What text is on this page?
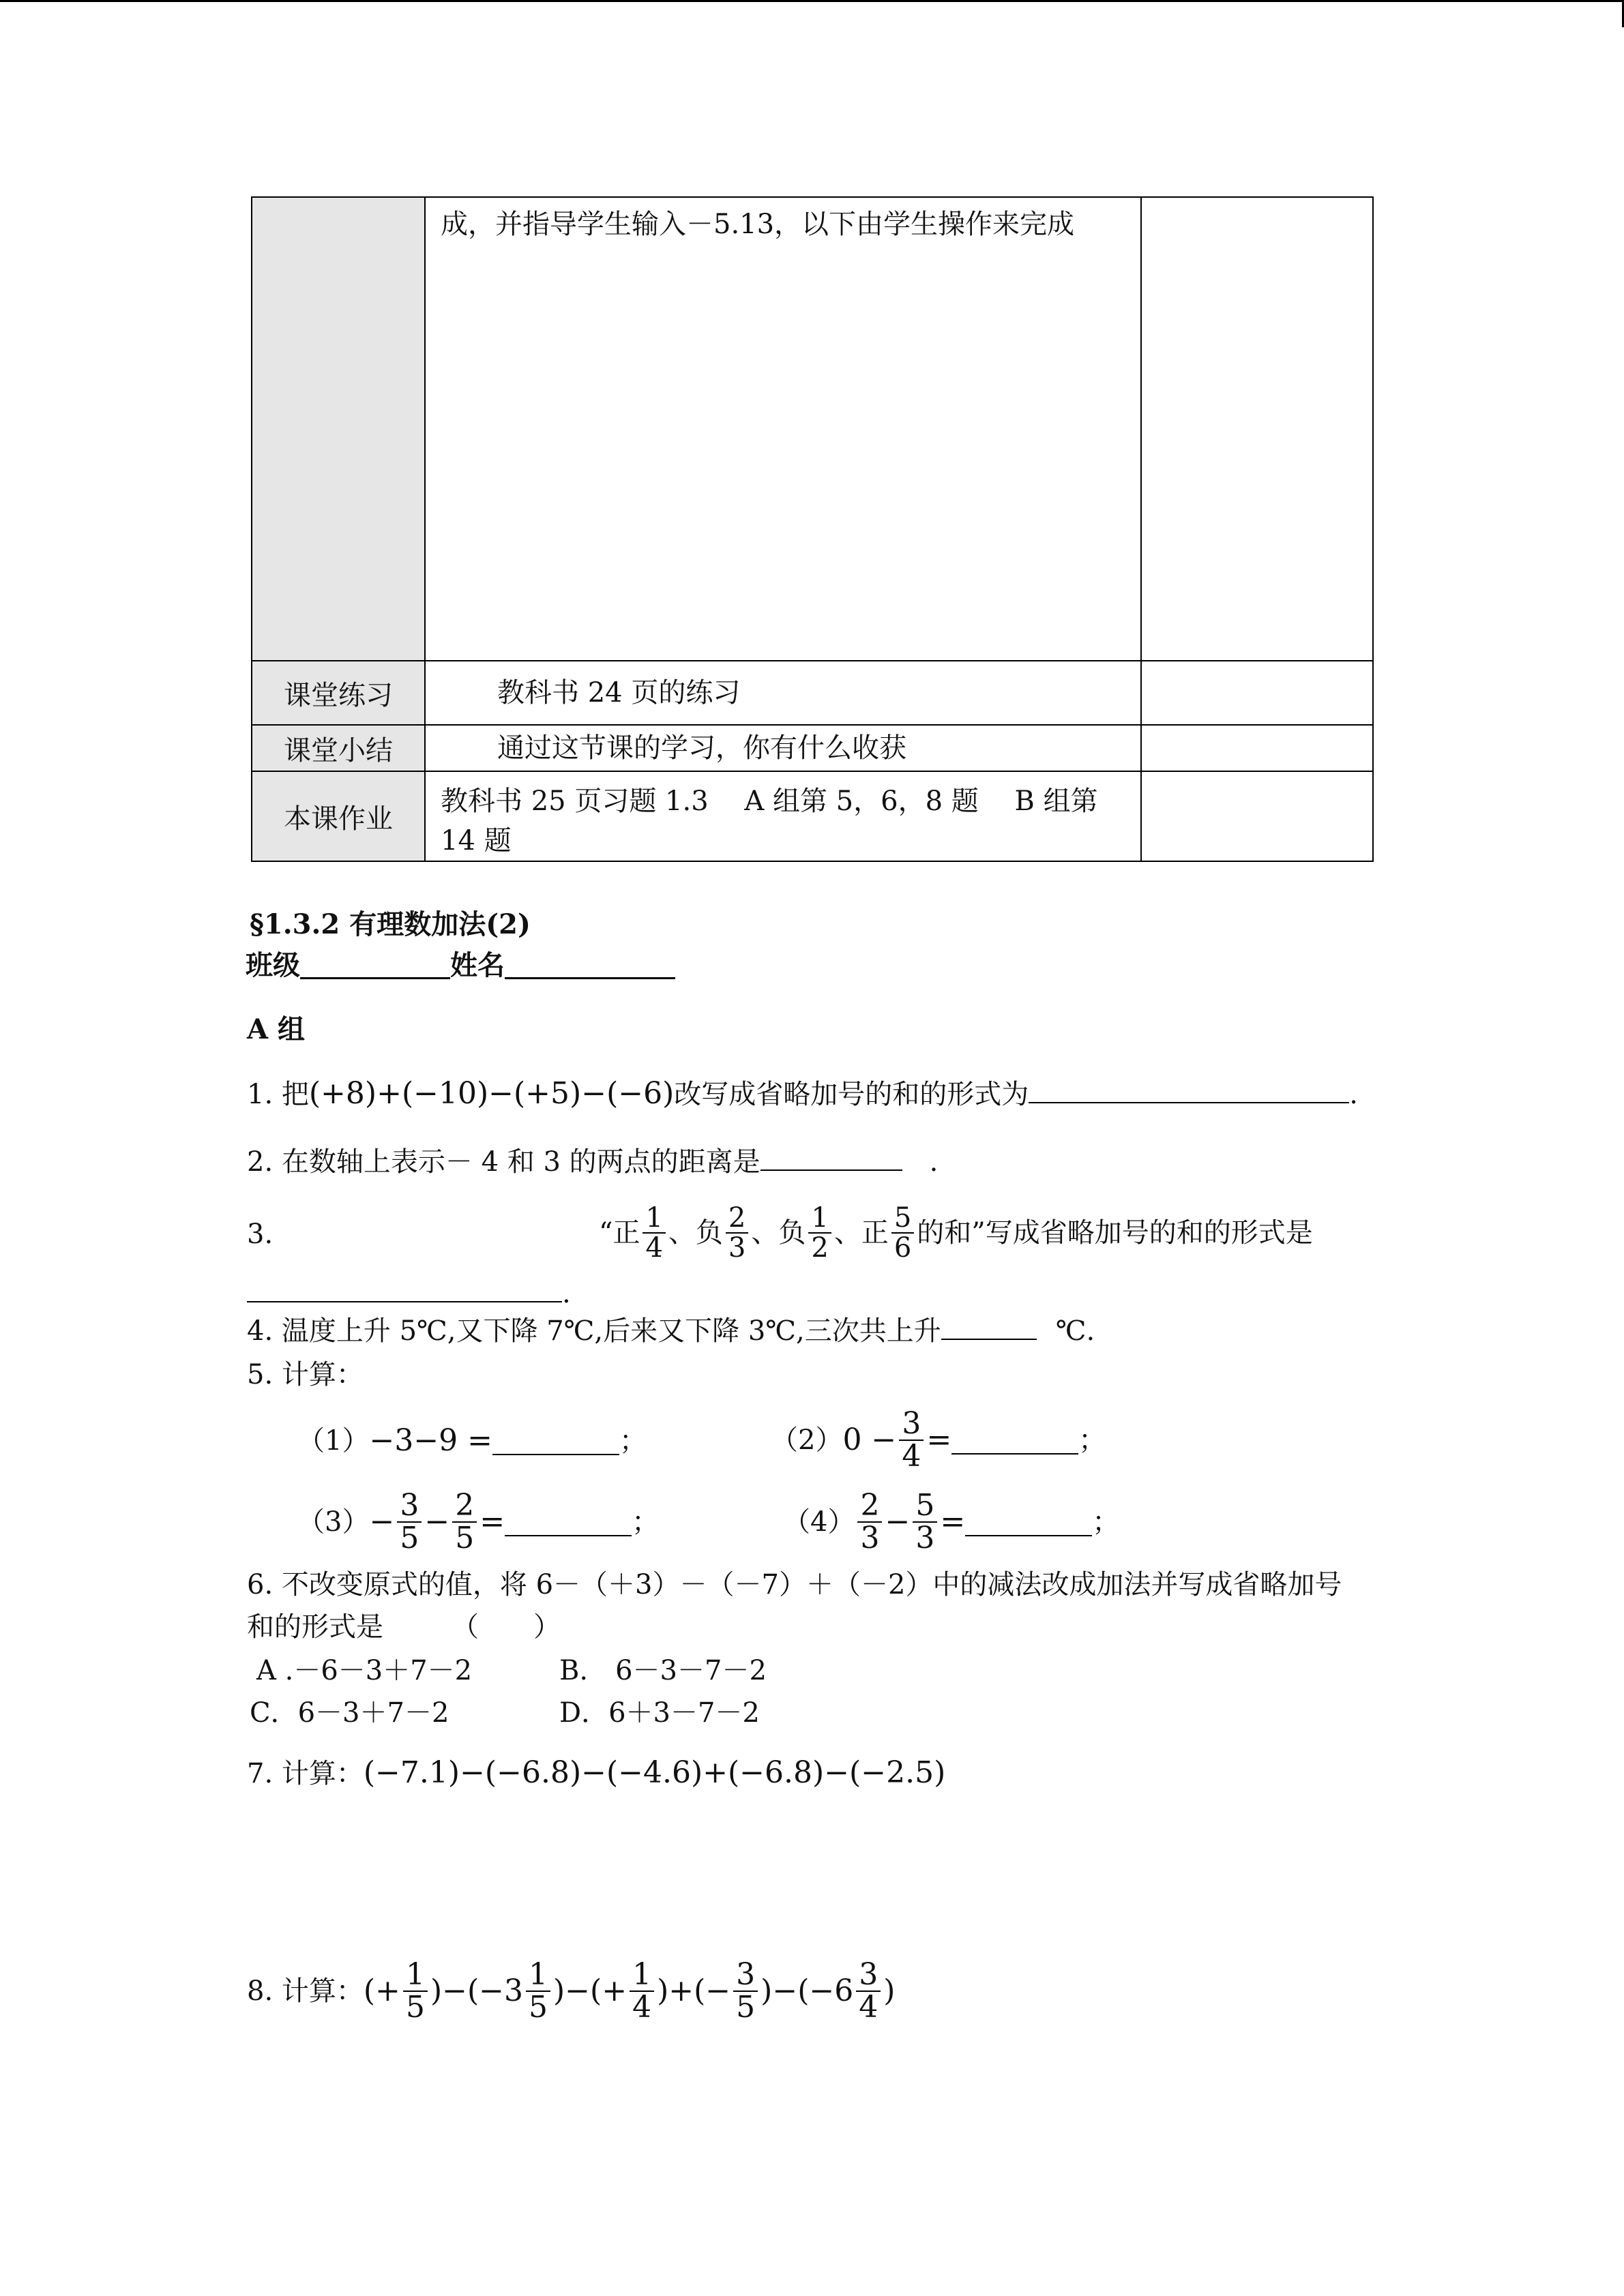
	成，并指导学生输入－5.13，以下由学生操作来完成	
课堂练习	教科书 24 页的练习	
课堂小结	通过这节课的学习，你有什么收获	
本课作业	教科书 25 页习题 1.3　 A 组第 5，6，8 题　 B 组第 14 题	
§1.3.2 有理数加法(2)
班级	姓名
A 组
1. 把(+8)+(−10)−(+5)−(−6)改写成省略加号的和的形式为	.
2. 在数轴上表示－ 4 和 3 的两点的距离是	.
3.	“正 $\frac{1}{4}$ 、 负 $\frac{2}{3}$ 、 负 $\frac{1}{2}$ 、 正 $\frac{5}{6}$ 的和”写成省略加号的和的形式是
.
4. 温度上升 5℃,又下降 7℃,后来又下降 3℃,三次共上升	℃.
5. 计算：
（1） −3−9 =	；	（2） $0 - \frac{3}{4}$ =	；
$(3) - \frac{3}{5} - \frac{2}{5}$ =	；	$(4) \frac{2}{3} - \frac{5}{3}$ =	；
6. 不改变原式的值，将 6－（＋3）－（－7）＋（－2）中的减法改成加法并写成省略加号
和的形式是　　　（　　）
A .－6－3＋7－2	B.　6－3－7－2
C．6－3＋7－2	D．6＋3－7－2
7. 计算：(−7.1)−(−6.8)−(−4.6)+(−6.8)−(−2.5)
8.
计算： (+ $\frac{1}{5} )-(-3 \frac{1}{5}$ )−(+ $\frac{1}{4}$ )+(− $\frac{3}{5} )-(-6 \frac{3}{4}$ )
